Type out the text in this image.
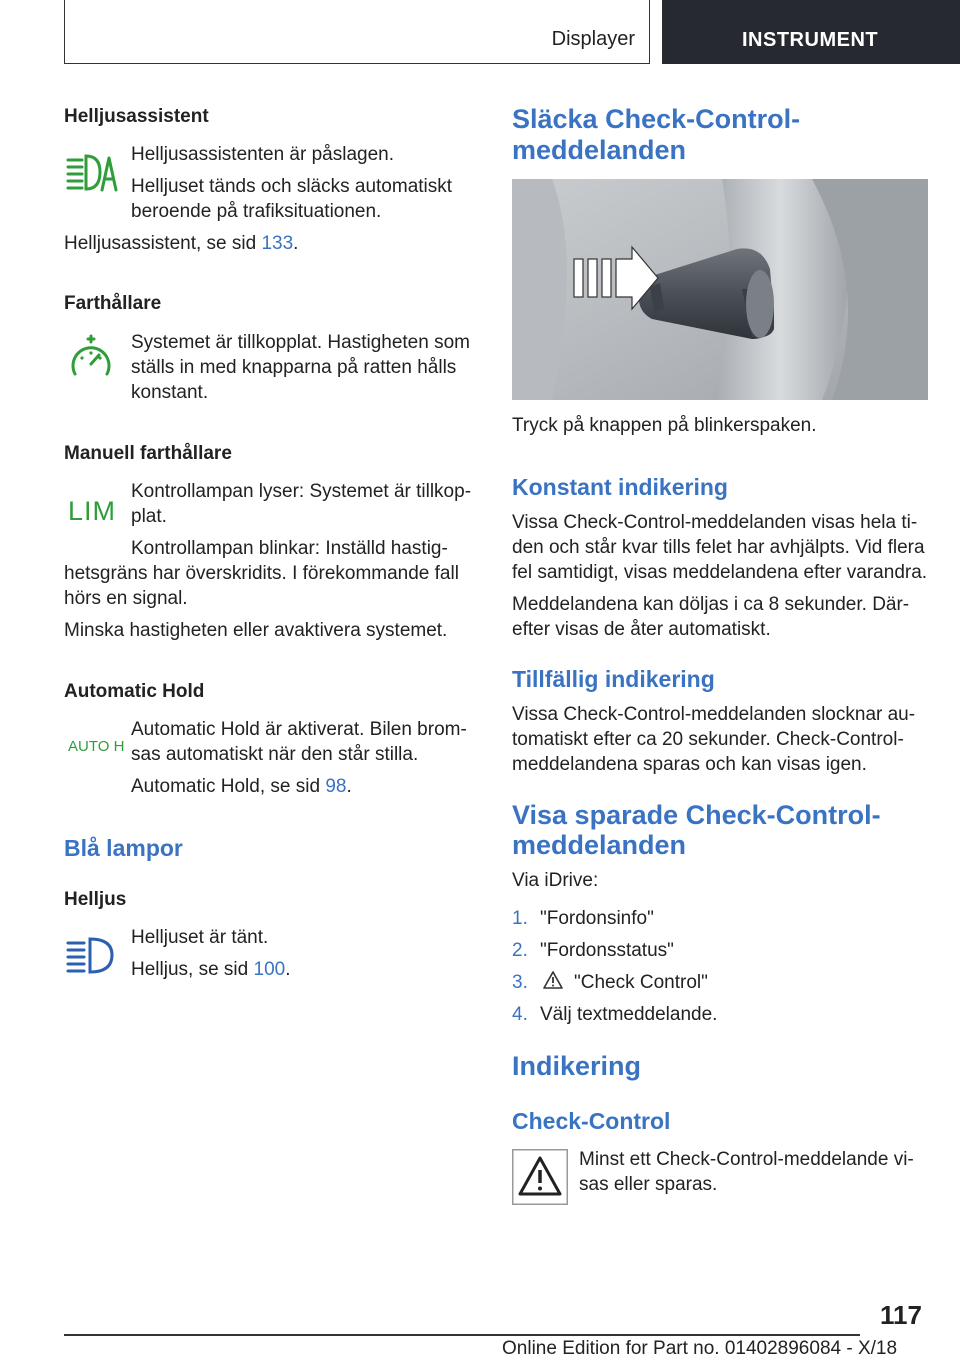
Displayer	INSTRUMENT
Helljusassistent
Helljusassistenten är påslagen.
Helljuset tänds och släcks automatiskt
beroende på trafiksituationen.
Helljusassistent, se sid 133.
Farthållare
Systemet är tillkopplat. Hastigheten som
ställs in med knapparna på ratten hålls
konstant.
Manuell farthållare
LIM
Kontrollampan lyser: Systemet är tillkop-
plat.
Kontrollampan blinkar: Inställd hastig-
hetsgräns har överskridits. I förekommande fall
hörs en signal.
Minska hastigheten eller avaktivera systemet.
Automatic Hold
AUTO H
Automatic Hold är aktiverat. Bilen brom-
sas automatiskt när den står stilla.
Automatic Hold, se sid 98.
Blå lampor
Helljus
Helljuset är tänt.
Helljus, se sid 100.
Släcka Check-Control-
meddelanden
Tryck på knappen på blinkerspaken.
Konstant indikering
Vissa Check-Control-meddelanden visas hela ti-
den och står kvar tills felet har avhjälpts. Vid flera
fel samtidigt, visas meddelandena efter varandra.
Meddelandena kan döljas i ca 8 sekunder. Där-
efter visas de åter automatiskt.
Tillfällig indikering
Vissa Check-Control-meddelanden slocknar au-
tomatiskt efter ca 20 sekunder. Check-Control-
meddelandena sparas och kan visas igen.
Visa sparade Check-Control-
meddelanden
Via iDrive:
1. "Fordonsinfo"
2. "Fordonsstatus"
3. "Check Control"
4. Välj textmeddelande.
Indikering
Check-Control
Minst ett Check-Control-meddelande vi-
sas eller sparas.
117
Online Edition for Part no. 01402896084 - X/18
